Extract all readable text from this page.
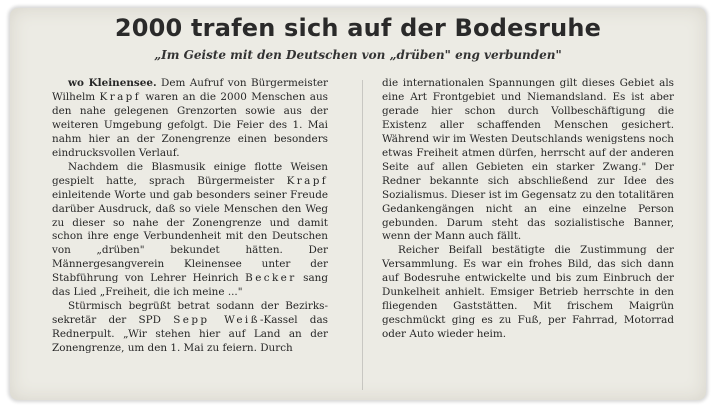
2000 trafen sich auf der Bodesruhe
„Im Geiste mit den Deutschen von „drüben" eng verbunden"

wo Kleinensee. Dem Aufruf von Bürgermeister Wilhelm Krapf waren an die 2000 Menschen aus den nahe gelegenen Grenzorten sowie aus der weiteren Umgebung gefolgt. Die Feier des 1. Mai nahm hier an der Zonengrenze einen besonders eindrucksvollen Verlauf.

Nachdem die Blasmusik einige flotte Weisen gespielt hatte, sprach Bürgermeister Krapf einleitende Worte und gab besonders seiner Freude darüber Ausdruck, daß so viele Menschen den Weg zu dieser so nahe der Zonengrenze und damit schon ihre enge Verbundenheit mit den Deutschen von „drüben" bekundet hätten. Der Männergesangverein Kleinensee unter der Stabführung von Lehrer Heinrich Becker sang das Lied „Freiheit, die ich meine ..."

Stürmisch begrüßt betrat sodann der Bezirkssekretär der SPD Sepp Weiß-Kassel das Rednerpult. „Wir stehen hier auf Land an der Zonengrenze, um den 1. Mai zu feiern. Durch

die internationalen Spannungen gilt dieses Gebiet als eine Art Frontgebiet und Niemandsland. Es ist aber gerade hier schon durch Vollbeschäftigung die Existenz aller schaffenden Menschen gesichert. Während wir im Westen Deutschlands wenigstens noch etwas Freiheit atmen dürfen, herrscht auf der anderen Seite auf allen Gebieten ein starker Zwang." Der Redner bekannte sich abschließend zur Idee des Sozialismus. Dieser ist im Gegensatz zu den totalitären Gedankengängen nicht an eine einzelne Person gebunden. Darum steht das sozialistische Banner, wenn der Mann auch fällt.

Reicher Beifall bestätigte die Zustimmung der Versammlung. Es war ein frohes Bild, das sich dann auf Bodesruhe entwickelte und bis zum Einbruch der Dunkelheit anhielt. Emsiger Betrieb herrschte in den fliegenden Gaststätten. Mit frischem Maigrün geschmückt ging es zu Fuß, per Fahrrad, Motorrad oder Auto wieder heim.
